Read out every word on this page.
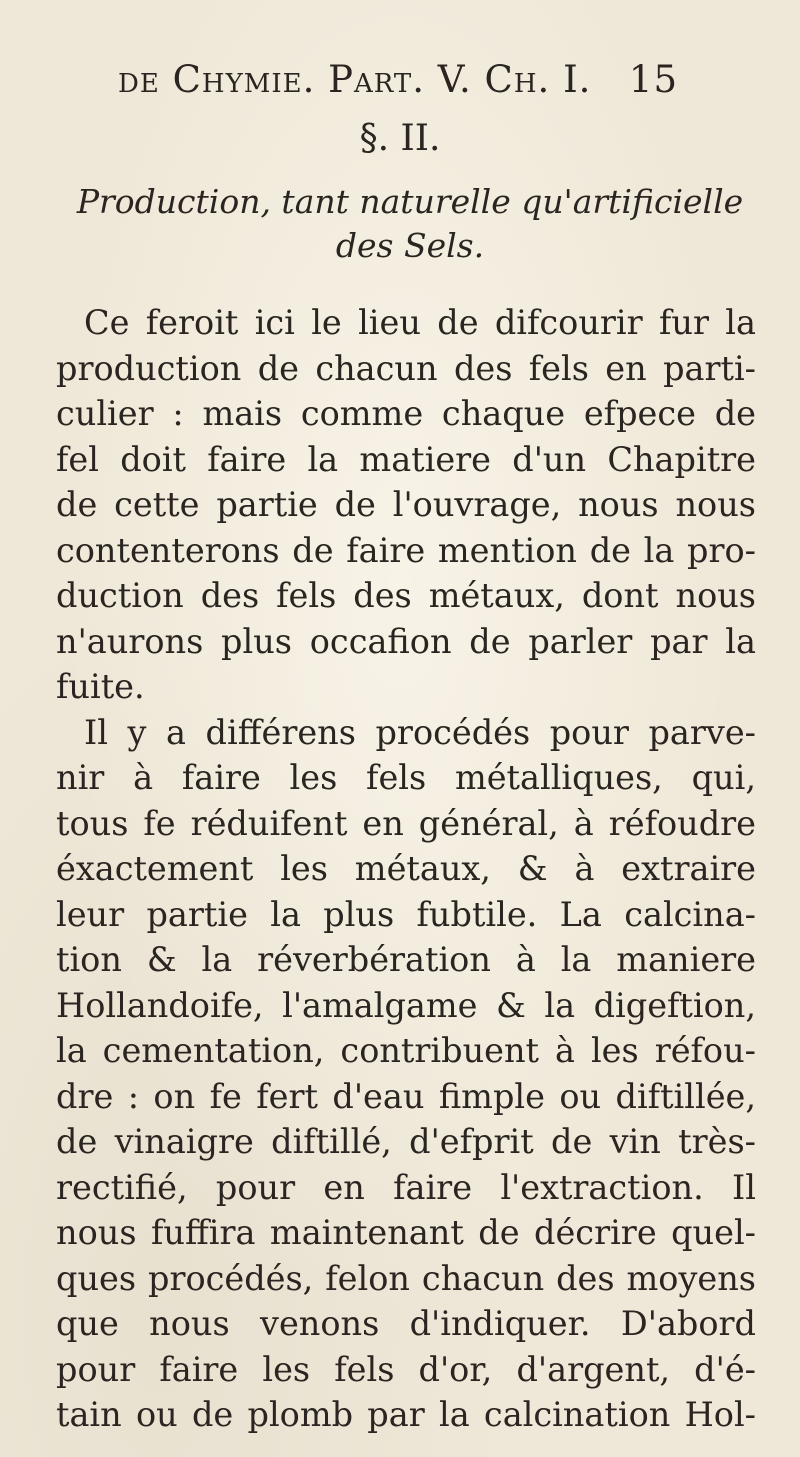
de Chymie. Part. V. Ch. I. 15
§. II.
Production, tant naturelle qu'artificielle
des Sels.
Ce feroit ici le lieu de difcourir fur la
production de chacun des fels en parti-
culier : mais comme chaque efpece de
fel doit faire la matiere d'un Chapitre
de cette partie de l'ouvrage, nous nous
contenterons de faire mention de la pro-
duction des fels des métaux, dont nous
n'aurons plus occafion de parler par la
fuite.
Il y a différens procédés pour parve-
nir à faire les fels métalliques, qui,
tous fe réduifent en général, à réfoudre
éxactement les métaux, & à extraire
leur partie la plus fubtile. La calcina-
tion & la réverbération à la maniere
Hollandoife, l'amalgame & la digeftion,
la cementation, contribuent à les réfou-
dre : on fe fert d'eau fimple ou diftillée,
de vinaigre diftillé, d'efprit de vin très-
rectifié, pour en faire l'extraction. Il
nous fuffira maintenant de décrire quel-
ques procédés, felon chacun des moyens
que nous venons d'indiquer. D'abord
pour faire les fels d'or, d'argent, d'é-
tain ou de plomb par la calcination Hol-
